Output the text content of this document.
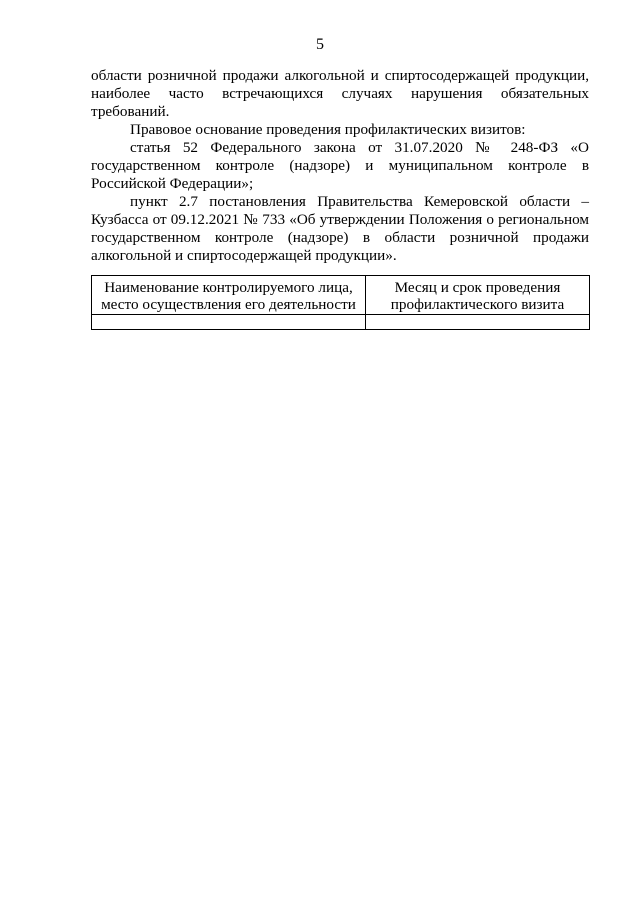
5

области розничной продажи алкогольной и спиртосодержащей продукции, наиболее часто встречающихся случаях нарушения обязательных требований.

Правовое основание проведения профилактических визитов:

статья 52 Федерального закона от 31.07.2020 № 248-ФЗ «О государственном контроле (надзоре) и муниципальном контроле в Российской Федерации»;

пункт 2.7 постановления Правительства Кемеровской области – Кузбасса от 09.12.2021 № 733 «Об утверждении Положения о региональном государственном контроле (надзоре) в области розничной продажи алкогольной и спиртосодержащей продукции».

Наименование контролируемого лица, место осуществления его деятельности	Месяц и срок проведения профилактического визита
